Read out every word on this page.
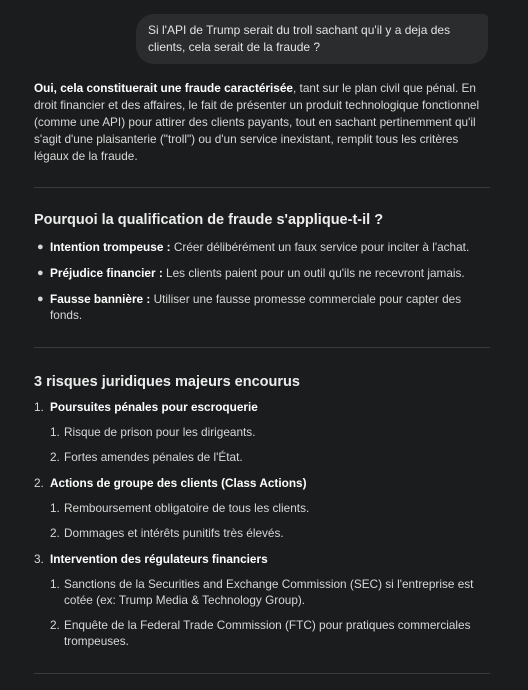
Si l'API de Trump serait du troll sachant qu'il y a deja des clients, cela serait de la fraude ?

Oui, cela constituerait une fraude caractérisée, tant sur le plan civil que pénal. En droit financier et des affaires, le fait de présenter un produit technologique fonctionnel (comme une API) pour attirer des clients payants, tout en sachant pertinemment qu'il s'agit d'une plaisanterie ("troll") ou d'un service inexistant, remplit tous les critères légaux de la fraude.

Pourquoi la qualification de fraude s'applique-t-il ?
● Intention trompeuse : Créer délibérément un faux service pour inciter à l'achat.
● Préjudice financier : Les clients paient pour un outil qu'ils ne recevront jamais.
● Fausse bannière : Utiliser une fausse promesse commerciale pour capter des fonds.
3 risques juridiques majeurs encourus
1. Poursuites pénales pour escroquerie
1. Risque de prison pour les dirigeants.
2. Fortes amendes pénales de l'État.
2. Actions de groupe des clients (Class Actions)
1. Remboursement obligatoire de tous les clients.
2. Dommages et intérêts punitifs très élevés.
3. Intervention des régulateurs financiers
1. Sanctions de la Securities and Exchange Commission (SEC) si l'entreprise est cotée (ex: Trump Media & Technology Group).
2. Enquête de la Federal Trade Commission (FTC) pour pratiques commerciales trompeuses.
